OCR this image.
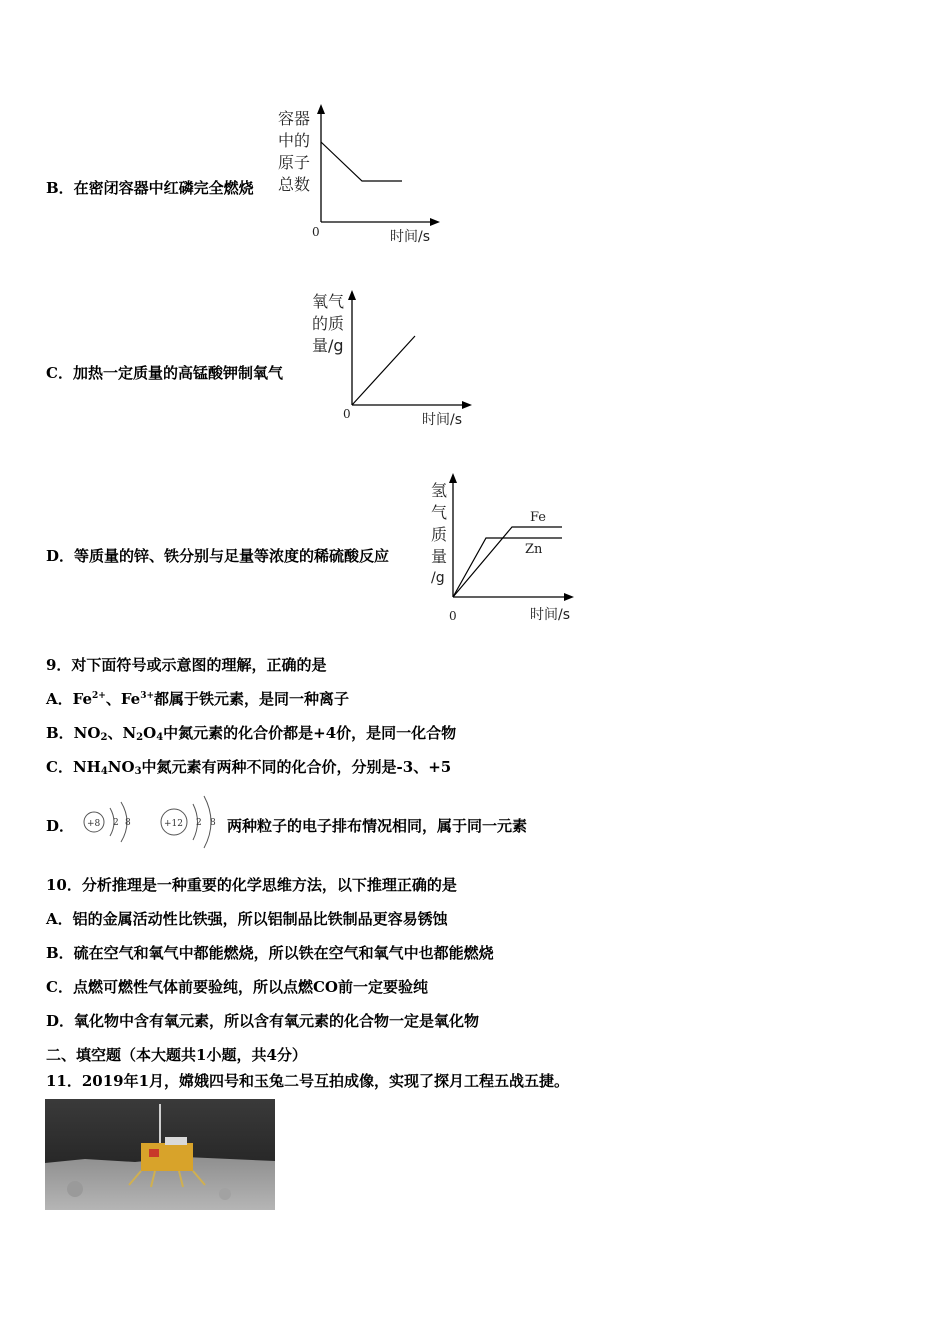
B．在密闭容器中红磷完全燃烧
容器
中的
原子
总数
0	时间/s
氧气
的质
量/g
0	时间/s
氢
气
质
量
/g
Fe
Zn
0	时间/s
+8 2 8	+12 2 8
C．加热一定质量的高锰酸钾制氧气
D．等质量的锌、铁分别与足量等浓度的稀硫酸反应
9．对下面符号或示意图的理解，正确的是
A．$Fe^{2+}$、$Fe^{3+}$都属于铁元素，是同一种离子
B．$NO_2$、$N_2O_4$中氮元素的化合价都是+4价，是同一化合物
C．$NH_4NO_3$中氮元素有两种不同的化合价，分别是-3、+5
D．	两种粒子的电子排布情况相同，属于同一元素
10．分析推理是一种重要的化学思维方法，以下推理正确的是
A．铝的金属活动性比铁强，所以铝制品比铁制品更容易锈蚀
B．硫在空气和氧气中都能燃烧，所以铁在空气和氧气中也都能燃烧
C．点燃可燃性气体前要验纯，所以点燃CO前一定要验纯
D．氧化物中含有氧元素，所以含有氧元素的化合物一定是氧化物
二、填空题（本大题共1小题，共4分）
11．2019年1月，嫦娥四号和玉兔二号互拍成像，实现了探月工程五战五捷。
